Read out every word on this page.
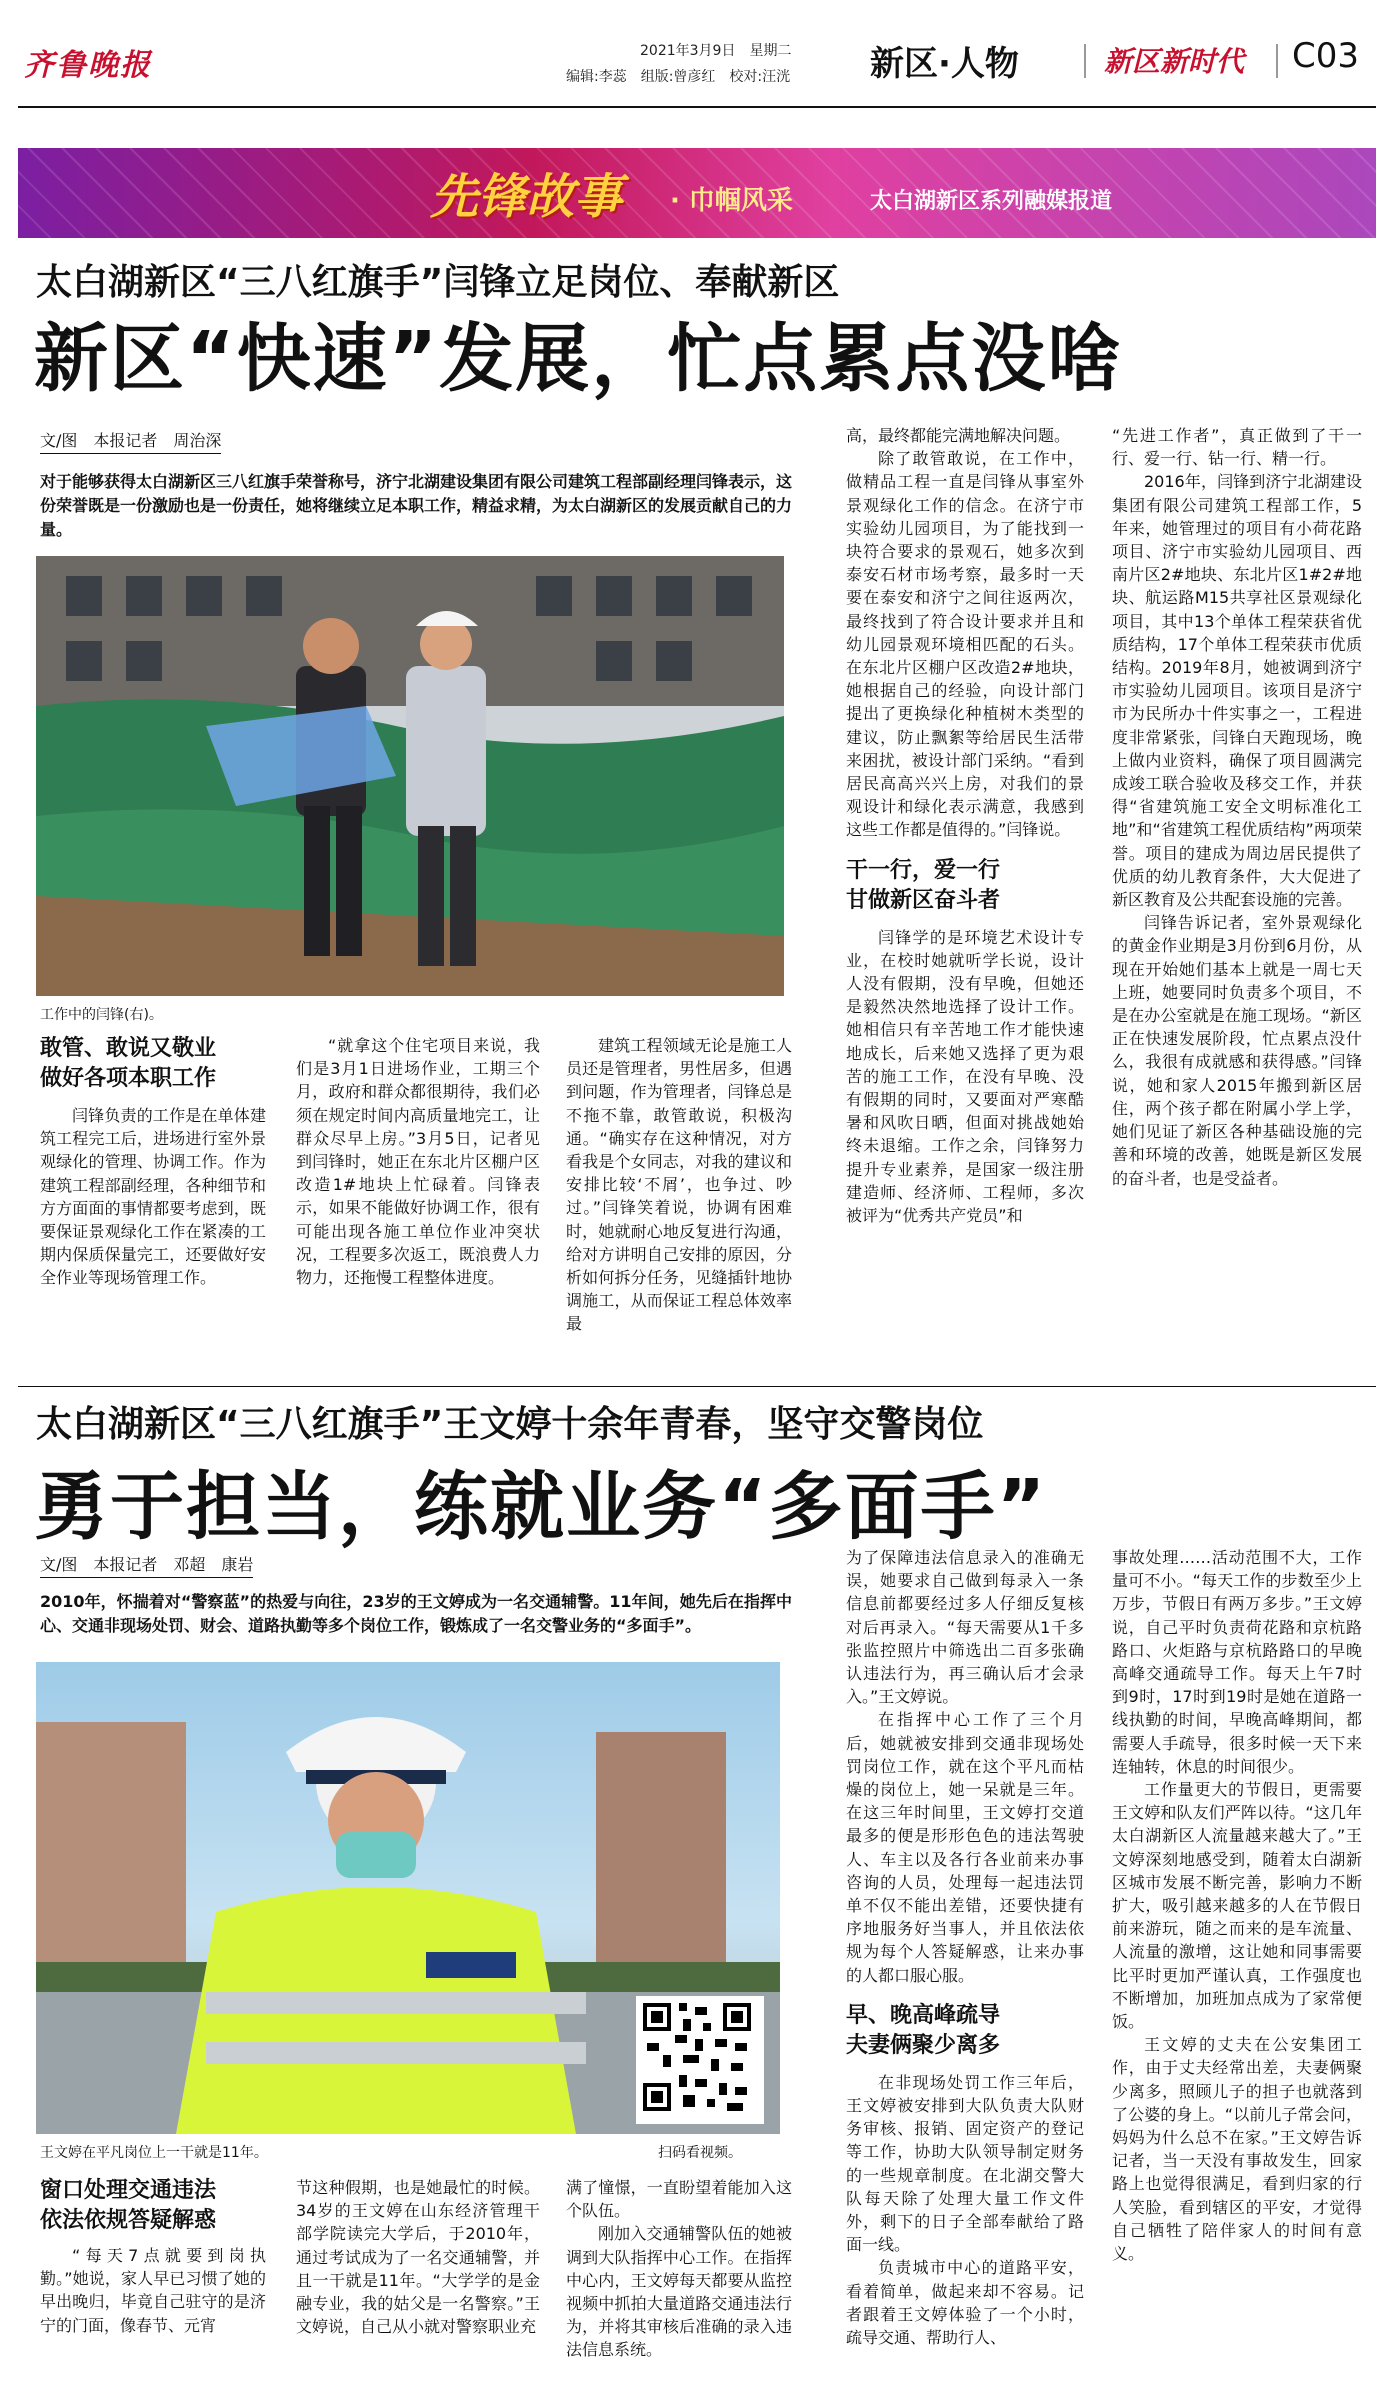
齐鲁晚报	2021年3月9日　星期二
编辑:李蕊　组版:曾彦红　校对:汪洸 新区·人物	新区新时代 C03
先锋故事 · 巾帼风采	太白湖新区系列融媒报道
太白湖新区“三八红旗手”闫锋立足岗位、奉献新区
新区“快速”发展，忙点累点没啥
文/图　本报记者　周治深
对于能够获得太白湖新区三八红旗手荣誉称号，济宁北湖建设集团有限公司建筑工程部副经理闫锋表示，这份荣誉既是一份激励也是一份责任，她将继续立足本职工作，精益求精，为太白湖新区的发展贡献自己的力量。
工作中的闫锋(右)。
敢管、敢说又敬业
做好各项本职工作

闫锋负责的工作是在单体建筑工程完工后，进场进行室外景观绿化的管理、协调工作。作为建筑工程部副经理，各种细节和方方面面的事情都要考虑到，既要保证景观绿化工作在紧凑的工期内保质保量完工，还要做好安全作业等现场管理工作。

“就拿这个住宅项目来说，我们是3月1日进场作业，工期三个月，政府和群众都很期待，我们必须在规定时间内高质量地完工，让群众尽早上房。”3月5日，记者见到闫锋时，她正在东北片区棚户区改造1#地块上忙碌着。闫锋表示，如果不能做好协调工作，很有可能出现各施工单位作业冲突状况，工程要多次返工，既浪费人力物力，还拖慢工程整体进度。

建筑工程领域无论是施工人员还是管理者，男性居多，但遇到问题，作为管理者，闫锋总是不拖不靠，敢管敢说，积极沟通。“确实存在这种情况，对方看我是个女同志，对我的建议和安排比较‘不屑’，也争过、吵过。”闫锋笑着说，协调有困难时，她就耐心地反复进行沟通，给对方讲明自己安排的原因，分析如何拆分任务，见缝插针地协调施工，从而保证工程总体效率最

高，最终都能完满地解决问题。

除了敢管敢说，在工作中，做精品工程一直是闫锋从事室外景观绿化工作的信念。在济宁市实验幼儿园项目，为了能找到一块符合要求的景观石，她多次到泰安石材市场考察，最多时一天要在泰安和济宁之间往返两次，最终找到了符合设计要求并且和幼儿园景观环境相匹配的石头。在东北片区棚户区改造2#地块，她根据自己的经验，向设计部门提出了更换绿化种植树木类型的建议，防止飘絮等给居民生活带来困扰，被设计部门采纳。“看到居民高高兴兴上房，对我们的景观设计和绿化表示满意，我感到这些工作都是值得的。”闫锋说。

干一行，爱一行
甘做新区奋斗者

闫锋学的是环境艺术设计专业，在校时她就听学长说，设计人没有假期，没有早晚，但她还是毅然决然地选择了设计工作。她相信只有辛苦地工作才能快速地成长，后来她又选择了更为艰苦的施工工作，在没有早晚、没有假期的同时，又要面对严寒酷暑和风吹日晒，但面对挑战她始终未退缩。工作之余，闫锋努力提升专业素养，是国家一级注册建造师、经济师、工程师，多次被评为“优秀共产党员”和

“先进工作者”，真正做到了干一行、爱一行、钻一行、精一行。

2016年，闫锋到济宁北湖建设集团有限公司建筑工程部工作，5年来，她管理过的项目有小荷花路项目、济宁市实验幼儿园项目、西南片区2#地块、东北片区1#2#地块、航运路M15共享社区景观绿化项目，其中13个单体工程荣获省优质结构，17个单体工程荣获市优质结构。2019年8月，她被调到济宁市实验幼儿园项目。该项目是济宁市为民所办十件实事之一，工程进度非常紧张，闫锋白天跑现场，晚上做内业资料，确保了项目圆满完成竣工联合验收及移交工作，并获得“省建筑施工安全文明标准化工地”和“省建筑工程优质结构”两项荣誉。项目的建成为周边居民提供了优质的幼儿教育条件，大大促进了新区教育及公共配套设施的完善。

闫锋告诉记者，室外景观绿化的黄金作业期是3月份到6月份，从现在开始她们基本上就是一周七天上班，她要同时负责多个项目，不是在办公室就是在施工现场。“新区正在快速发展阶段，忙点累点没什么，我很有成就感和获得感。”闫锋说，她和家人2015年搬到新区居住，两个孩子都在附属小学上学，她们见证了新区各种基础设施的完善和环境的改善，她既是新区发展的奋斗者，也是受益者。

太白湖新区“三八红旗手”王文婷十余年青春，坚守交警岗位
勇于担当，练就业务“多面手”
文/图　本报记者　邓超　康岩
2010年，怀揣着对“警察蓝”的热爱与向往，23岁的王文婷成为一名交通辅警。11年间，她先后在指挥中心、交通非现场处罚、财会、道路执勤等多个岗位工作，锻炼成了一名交警业务的“多面手”。
王文婷在平凡岗位上一干就是11年。	扫码看视频。
窗口处理交通违法
依法依规答疑解惑

“每天7点就要到岗执勤。”她说，家人早已习惯了她的早出晚归，毕竟自己驻守的是济宁的门面，像春节、元宵

节这种假期，也是她最忙的时候。34岁的王文婷在山东经济管理干部学院读完大学后，于2010年，通过考试成为了一名交通辅警，并且一干就是11年。“大学学的是金融专业，我的姑父是一名警察。”王文婷说，自己从小就对警察职业充

满了憧憬，一直盼望着能加入这个队伍。

刚加入交通辅警队伍的她被调到大队指挥中心工作。在指挥中心内，王文婷每天都要从监控视频中抓拍大量道路交通违法行为，并将其审核后准确的录入违法信息系统。

为了保障违法信息录入的准确无误，她要求自己做到每录入一条信息前都要经过多人仔细反复核对后再录入。“每天需要从1千多张监控照片中筛选出二百多张确认违法行为，再三确认后才会录入。”王文婷说。

在指挥中心工作了三个月后，她就被安排到交通非现场处罚岗位工作，就在这个平凡而枯燥的岗位上，她一呆就是三年。在这三年时间里，王文婷打交道最多的便是形形色色的违法驾驶人、车主以及各行各业前来办事咨询的人员，处理每一起违法罚单不仅不能出差错，还要快捷有序地服务好当事人，并且依法依规为每个人答疑解惑，让来办事的人都口服心服。

早、晚高峰疏导
夫妻俩聚少离多

在非现场处罚工作三年后，王文婷被安排到大队负责大队财务审核、报销、固定资产的登记等工作，协助大队领导制定财务的一些规章制度。在北湖交警大队每天除了处理大量工作文件外，剩下的日子全部奉献给了路面一线。

负责城市中心的道路平安，看着简单，做起来却不容易。记者跟着王文婷体验了一个小时，疏导交通、帮助行人、

事故处理……活动范围不大，工作量可不小。“每天工作的步数至少上万步，节假日有两万多步。”王文婷说，自己平时负责荷花路和京杭路路口、火炬路与京杭路路口的早晚高峰交通疏导工作。每天上午7时到9时，17时到19时是她在道路一线执勤的时间，早晚高峰期间，都需要人手疏导，很多时候一天下来连轴转，休息的时间很少。

工作量更大的节假日，更需要王文婷和队友们严阵以待。“这几年太白湖新区人流量越来越大了。”王文婷深刻地感受到，随着太白湖新区城市发展不断完善，影响力不断扩大，吸引越来越多的人在节假日前来游玩，随之而来的是车流量、人流量的激增，这让她和同事需要比平时更加严谨认真，工作强度也不断增加，加班加点成为了家常便饭。

王文婷的丈夫在公安集团工作，由于丈夫经常出差，夫妻俩聚少离多，照顾儿子的担子也就落到了公婆的身上。“以前儿子常会问，妈妈为什么总不在家。”王文婷告诉记者，当一天没有事故发生，回家路上也觉得很满足，看到归家的行人笑脸，看到辖区的平安，才觉得自己牺牲了陪伴家人的时间有意义。
